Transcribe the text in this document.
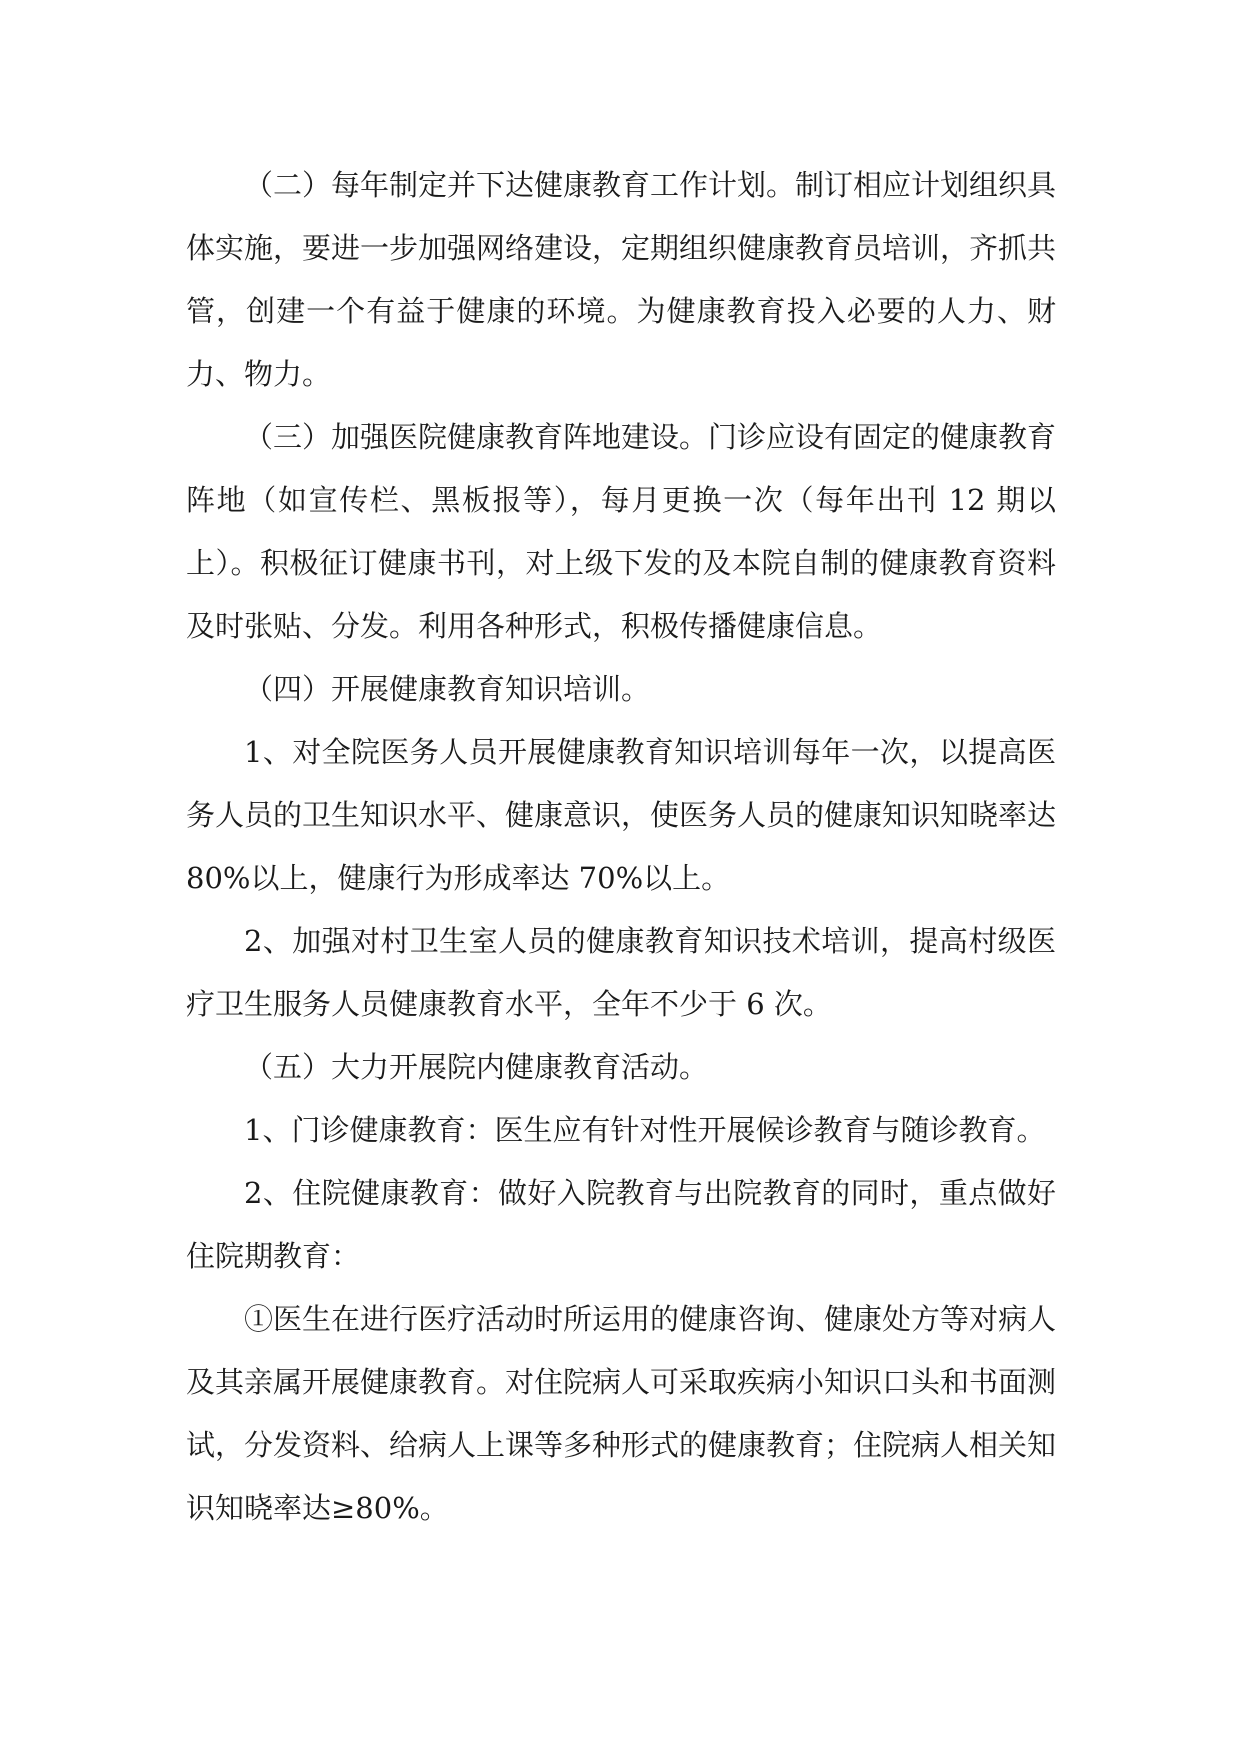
（二）每年制定并下达健康教育工作计划。制订相应计划组织具体实施，要进一步加强网络建设，定期组织健康教育员培训，齐抓共管，创建一个有益于健康的环境。为健康教育投入必要的人力、财力、物力。

（三）加强医院健康教育阵地建设。门诊应设有固定的健康教育阵地（如宣传栏、黑板报等），每月更换一次（每年出刊 12 期以上）。积极征订健康书刊，对上级下发的及本院自制的健康教育资料及时张贴、分发。利用各种形式，积极传播健康信息。

（四）开展健康教育知识培训。

1、对全院医务人员开展健康教育知识培训每年一次，以提高医务人员的卫生知识水平、健康意识，使医务人员的健康知识知晓率达 80%以上，健康行为形成率达 70%以上。

2、加强对村卫生室人员的健康教育知识技术培训，提高村级医疗卫生服务人员健康教育水平，全年不少于 6 次。

（五）大力开展院内健康教育活动。

1、门诊健康教育：医生应有针对性开展候诊教育与随诊教育。

2、住院健康教育：做好入院教育与出院教育的同时，重点做好住院期教育：

①医生在进行医疗活动时所运用的健康咨询、健康处方等对病人及其亲属开展健康教育。对住院病人可采取疾病小知识口头和书面测试，分发资料、给病人上课等多种形式的健康教育；住院病人相关知识知晓率达≥80%。
